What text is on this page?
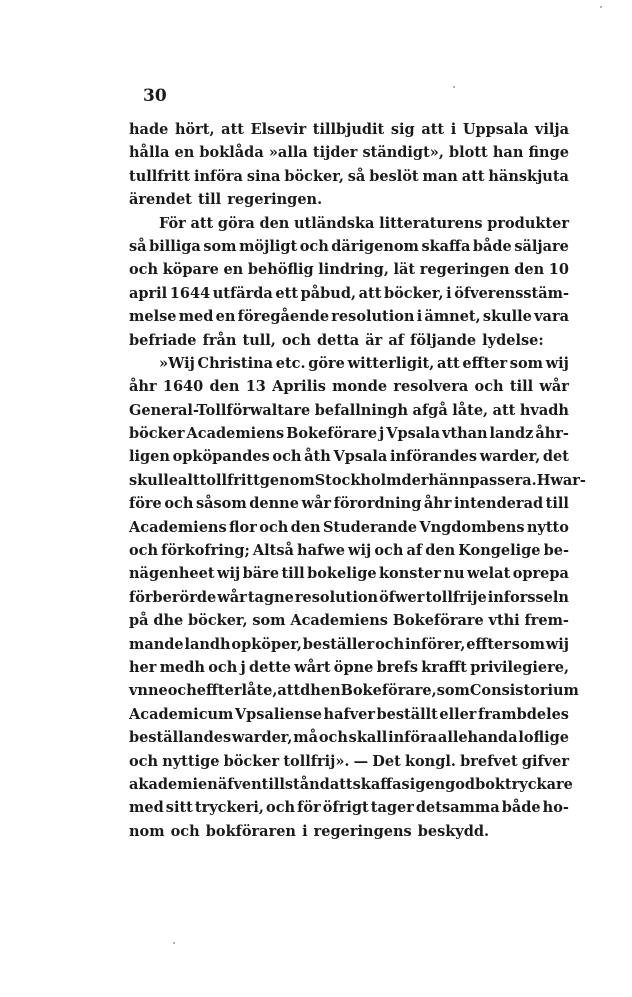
30
hade hört, att Elsevir tillbjudit sig att i Uppsala vilja
hålla en boklåda »alla tijder ständigt», blott han finge
tullfritt införa sina böcker, så beslöt man att hänskjuta
ärendet till regeringen.
För att göra den utländska litteraturens produkter
så billiga som möjligt och därigenom skaffa både säljare
och köpare en behöflig lindring, lät regeringen den 10
april 1644 utfärda ett påbud, att böcker, i öfverensstäm-
melse med en föregående resolution i ämnet, skulle vara
befriade från tull, och detta är af följande lydelse:
»Wij Christina etc. göre witterligit, att effter som wij
åhr 1640 den 13 Aprilis monde resolvera och till wår
General-Tollförwaltare befallningh afgå låte, att hvadh
böcker Academiens Bokeförare j Vpsala vthan landz åhr-
ligen opköpandes och åth Vpsala införandes warder, det
skulle alt tollfritt genom Stockholm derhänn passera. Hwar-
före och såsom denne wår förordning åhr intenderad till
Academiens flor och den Studerande Vngdombens nytto
och förkofring; Altså hafwe wij och af den Kongelige be-
nägenheet wij bäre till bokelige konster nu welat oprepa
förberörde wår tagne resolution öfwer tollfrije inforsseln
på dhe böcker, som Academiens Bokeförare vthi frem-
mande landh opköper, beställer och införer, effter som wij
her medh och j dette wårt öpne brefs krafft privilegiere,
vnne och effterlåte, att dhen Bokeförare, som Consistorium
Academicum Vpsaliense hafver beställt eller frambdeles
beställandes warder, må och skall införa allehanda loflige
och nyttige böcker tollfrij». — Det kongl. brefvet gifver
akademien äfven tillstånd att skaffa sig en god boktryckare
med sitt tryckeri, och för öfrigt tager detsamma både ho-
nom och bokföraren i regeringens beskydd.
